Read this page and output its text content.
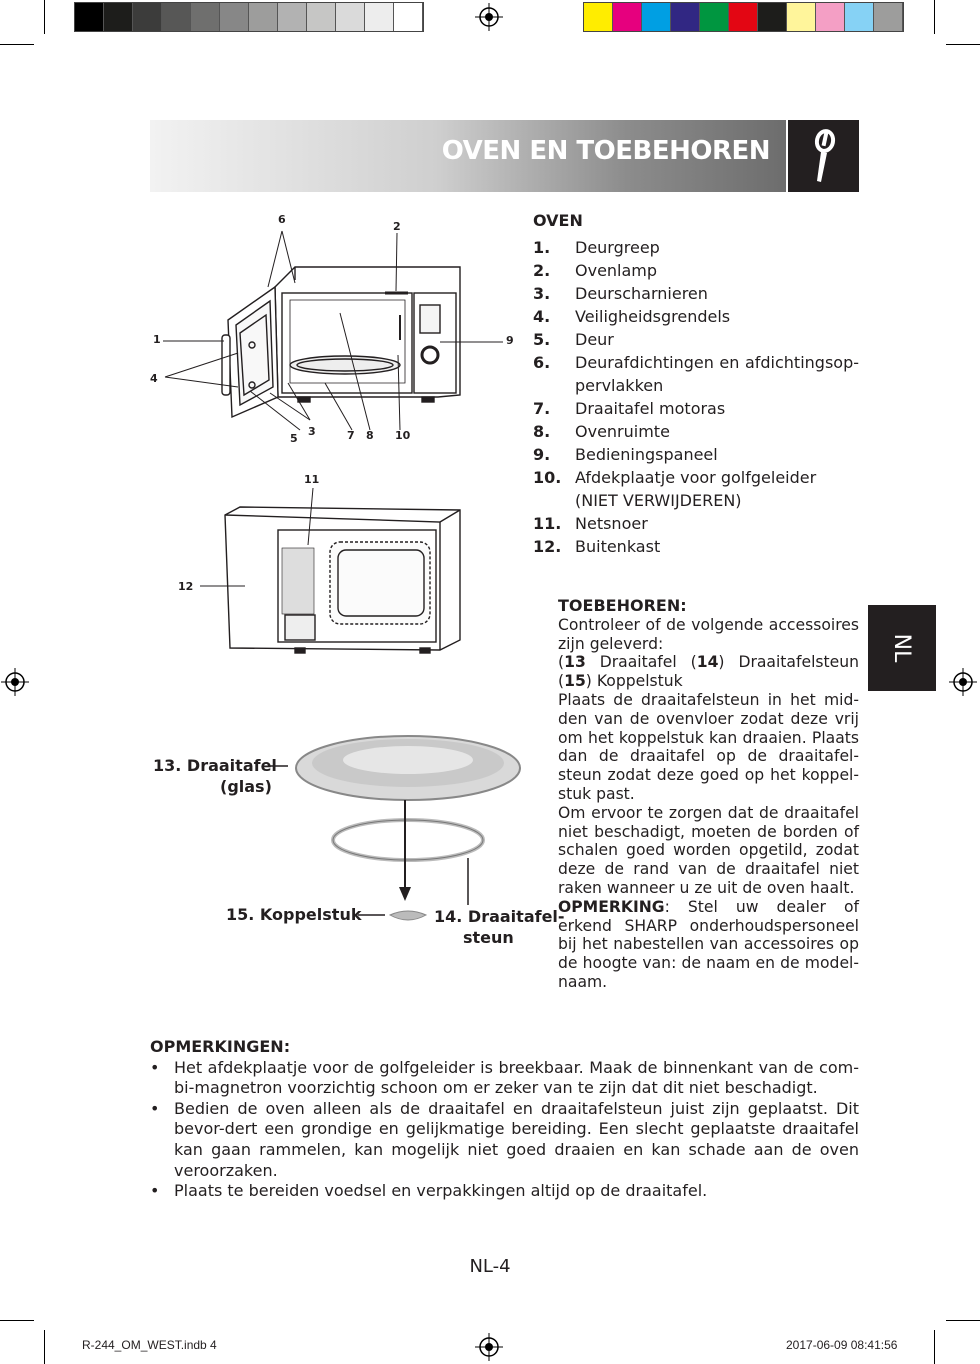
OVEN EN TOEBEHOREN
NL
6
2
1	9
4
5
3	7 8 10
11
12
13. Draaitafel
(glas)
15. Koppelstuk	14. Draaitafel-
steun
OVEN
1.	Deurgreep
2.	Ovenlamp
3.	Deurscharnieren
4.	Veiligheidsgrendels
5.	Deur
6.	Deurafdichtingen en afdichtingsop-pervlakken
7.	Draaitafel motoras
8.	Ovenruimte
9.	Bedieningspaneel
10. Afdekplaatje voor golfgeleider (NIET VERWIJDEREN)
11. Netsnoer
12. Buitenkast

TOEBEHOREN:

Controleer of de volgende accessoires zijn geleverd:

(13 Draaitafel (14) Draaitafelsteun (15) Koppelstuk

Plaats de draaitafelsteun in het mid-den van de ovenvloer zodat deze vrij om het koppelstuk kan draaien. Plaats dan de draaitafel op de draaitafel-steun zodat deze goed op het koppel-stuk past.

Om ervoor te zorgen dat de draaitafel niet beschadigt, moeten de borden of schalen goed worden opgetild, zodat deze de rand van de draaitafel niet raken wanneer u ze uit de oven haalt.

OPMERKING: Stel uw dealer of erkend SHARP onderhoudspersoneel bij het nabestellen van accessoires op de hoogte van: de naam en de model-naam.

OPMERKINGEN:
• Het afdekplaatje voor de golfgeleider is breekbaar. Maak de binnenkant van de com-bi-magnetron voorzichtig schoon om er zeker van te zijn dat dit niet beschadigt.
• Bedien de oven alleen als de draaitafel en draaitafelsteun juist zijn geplaatst. Dit bevor-dert een grondige en gelijkmatige bereiding. Een slecht geplaatste draaitafel kan gaan rammelen, kan mogelijk niet goed draaien en kan schade aan de oven veroorzaken.
• Plaats te bereiden voedsel en verpakkingen altijd op de draaitafel.
NL-4
R-244_OM_WEST.indb 4	2017-06-09 08:41:56
